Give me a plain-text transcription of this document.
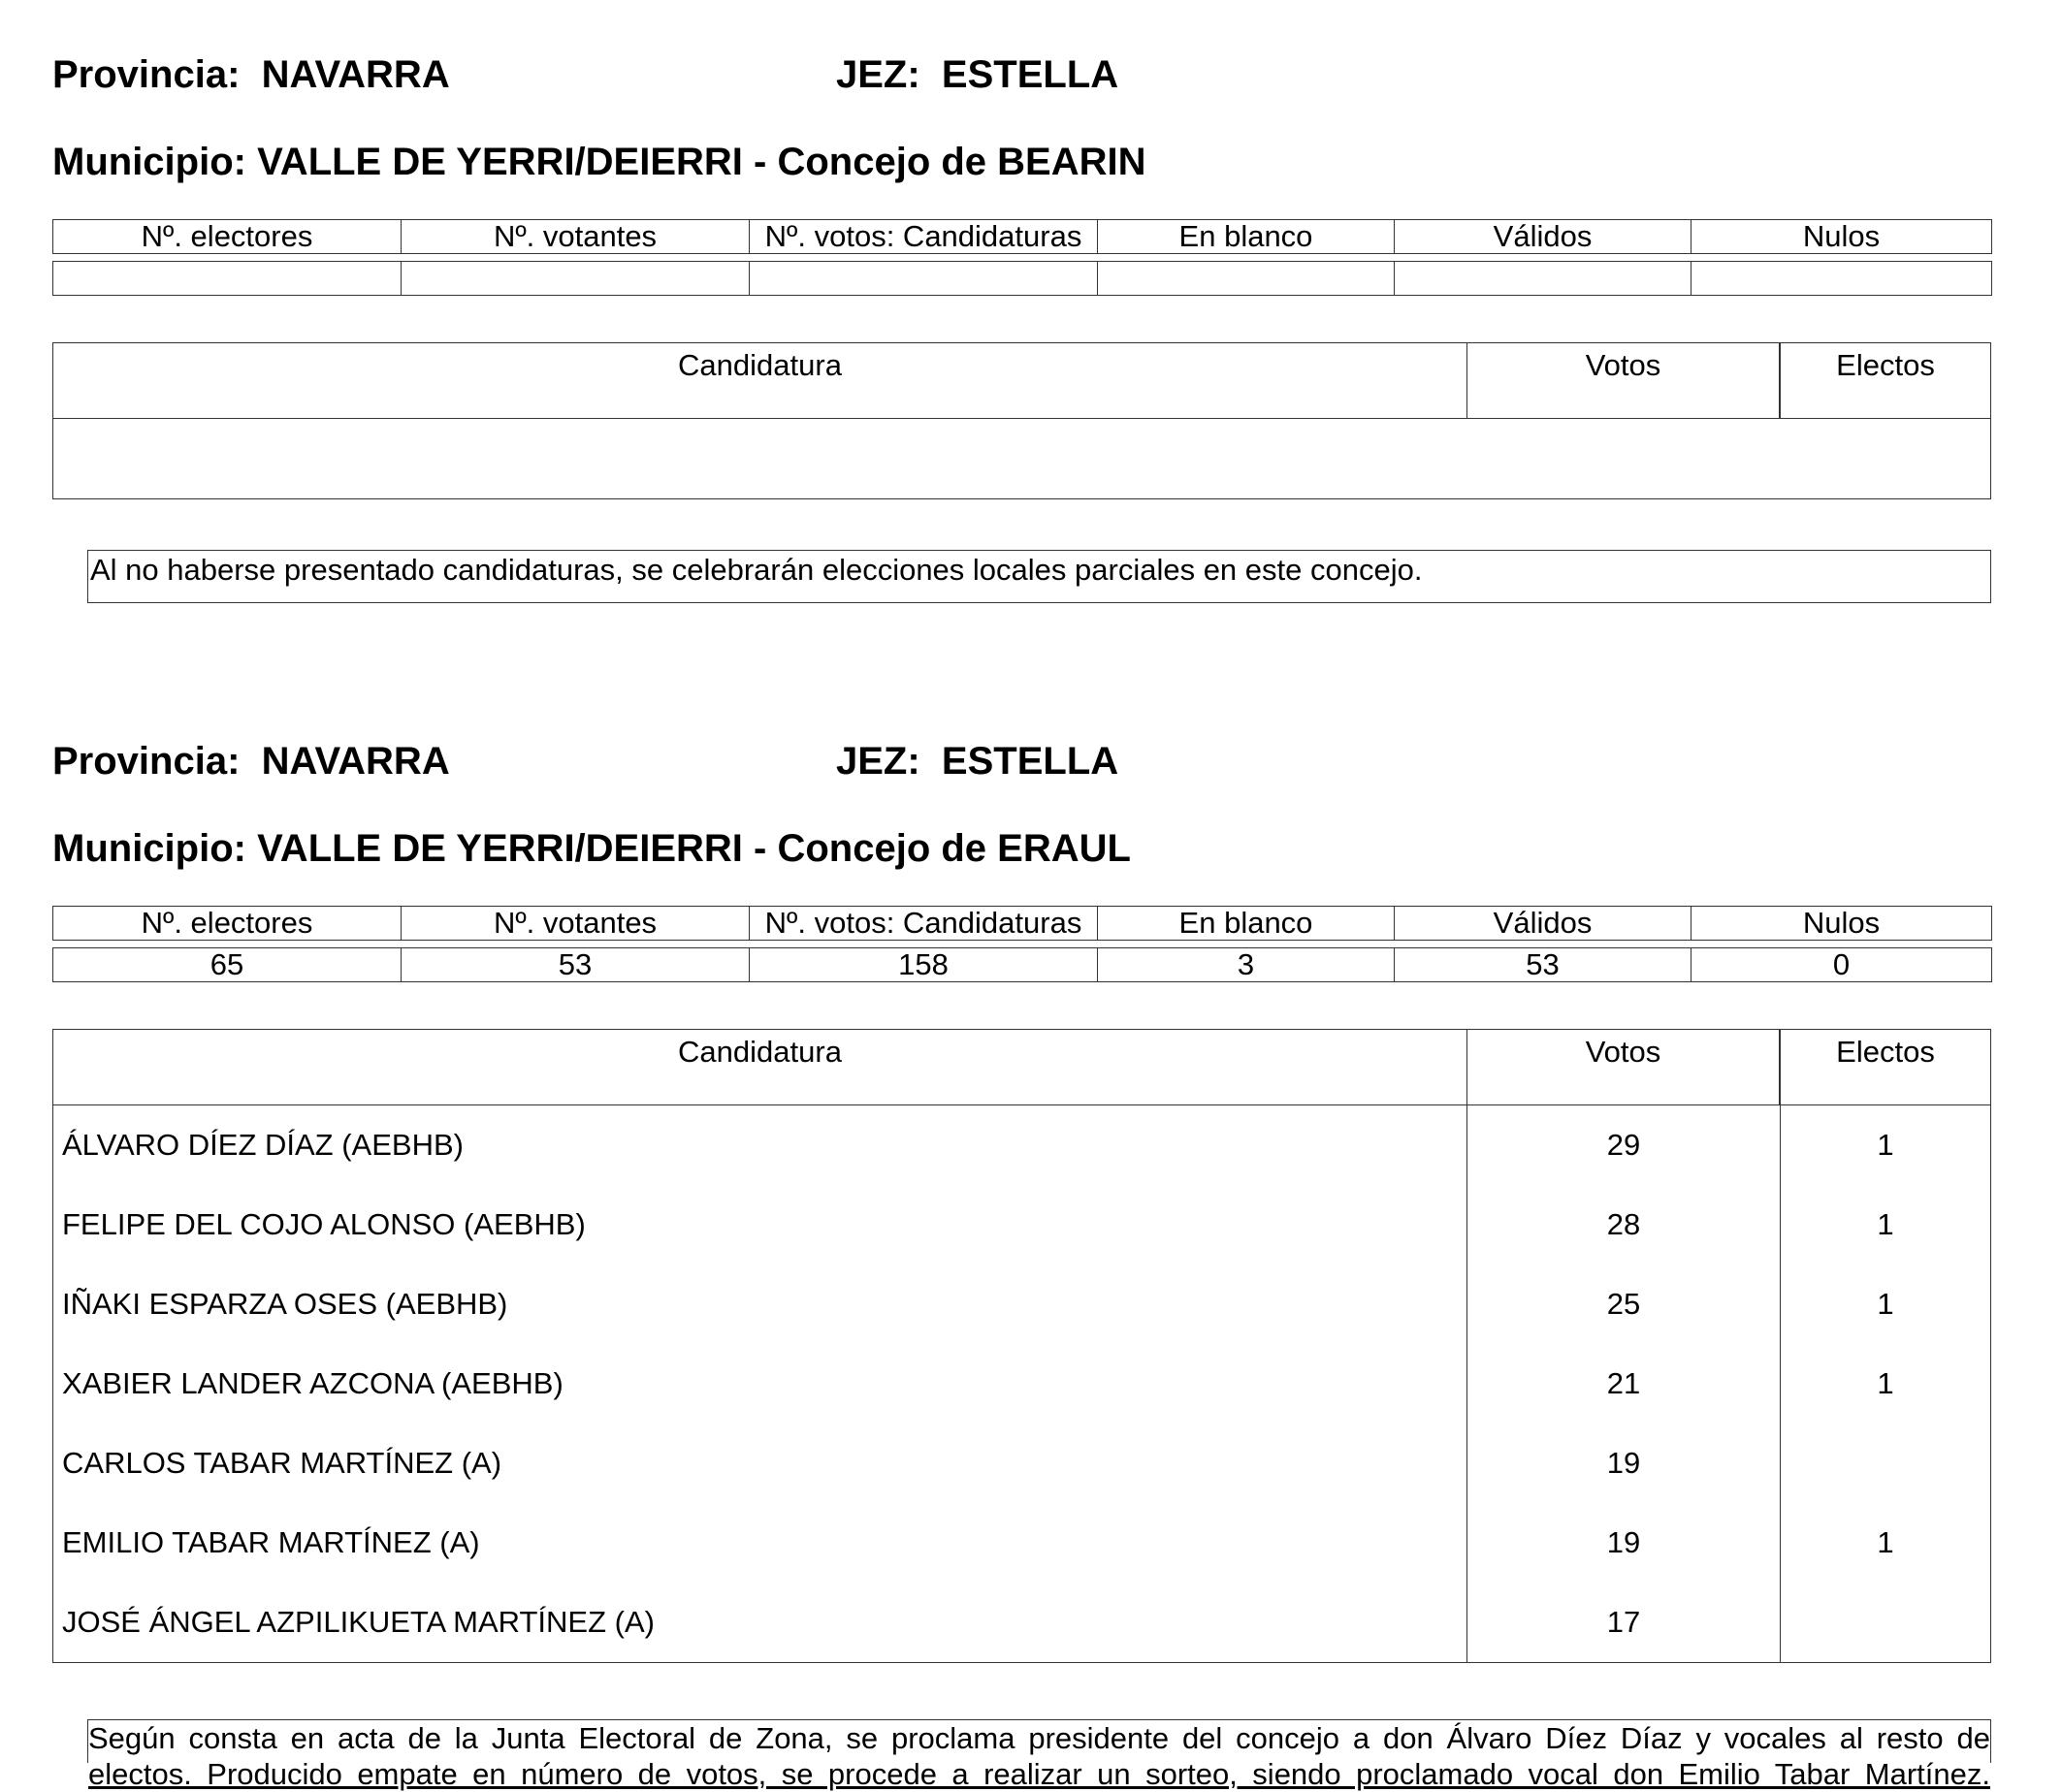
Provincia: NAVARRA	JEZ: ESTELLA
Municipio: VALLE DE YERRI/DEIERRI - Concejo de BEARIN
Nº. electores	Nº. votantes	Nº. votos: Candidaturas	En blanco	Válidos	Nulos

Candidatura	Votos	Electos
Al no haberse presentado candidaturas, se celebrarán elecciones locales parciales en este concejo.
Provincia: NAVARRA	JEZ: ESTELLA
Municipio: VALLE DE YERRI/DEIERRI - Concejo de ERAUL
Nº. electores	Nº. votantes	Nº. votos: Candidaturas	En blanco	Válidos	Nulos

65	53	158	3	53	0
Candidatura	Votos	Electos
ÁLVARO DÍEZ DÍAZ (AEBHB)	29	1
FELIPE DEL COJO ALONSO (AEBHB)	28	1
IÑAKI ESPARZA OSES (AEBHB)	25	1
XABIER LANDER AZCONA (AEBHB)	21	1
CARLOS TABAR MARTÍNEZ (A)	19
EMILIO TABAR MARTÍNEZ (A)	19	1
JOSÉ ÁNGEL AZPILIKUETA MARTÍNEZ (A)	17

Según consta en acta de la Junta Electoral de Zona, se proclama presidente del concejo a don Álvaro Díez Díaz y vocales al resto de

electos. Producido empate en número de votos, se procede a realizar un sorteo, siendo proclamado vocal don Emilio Tabar Martínez.
